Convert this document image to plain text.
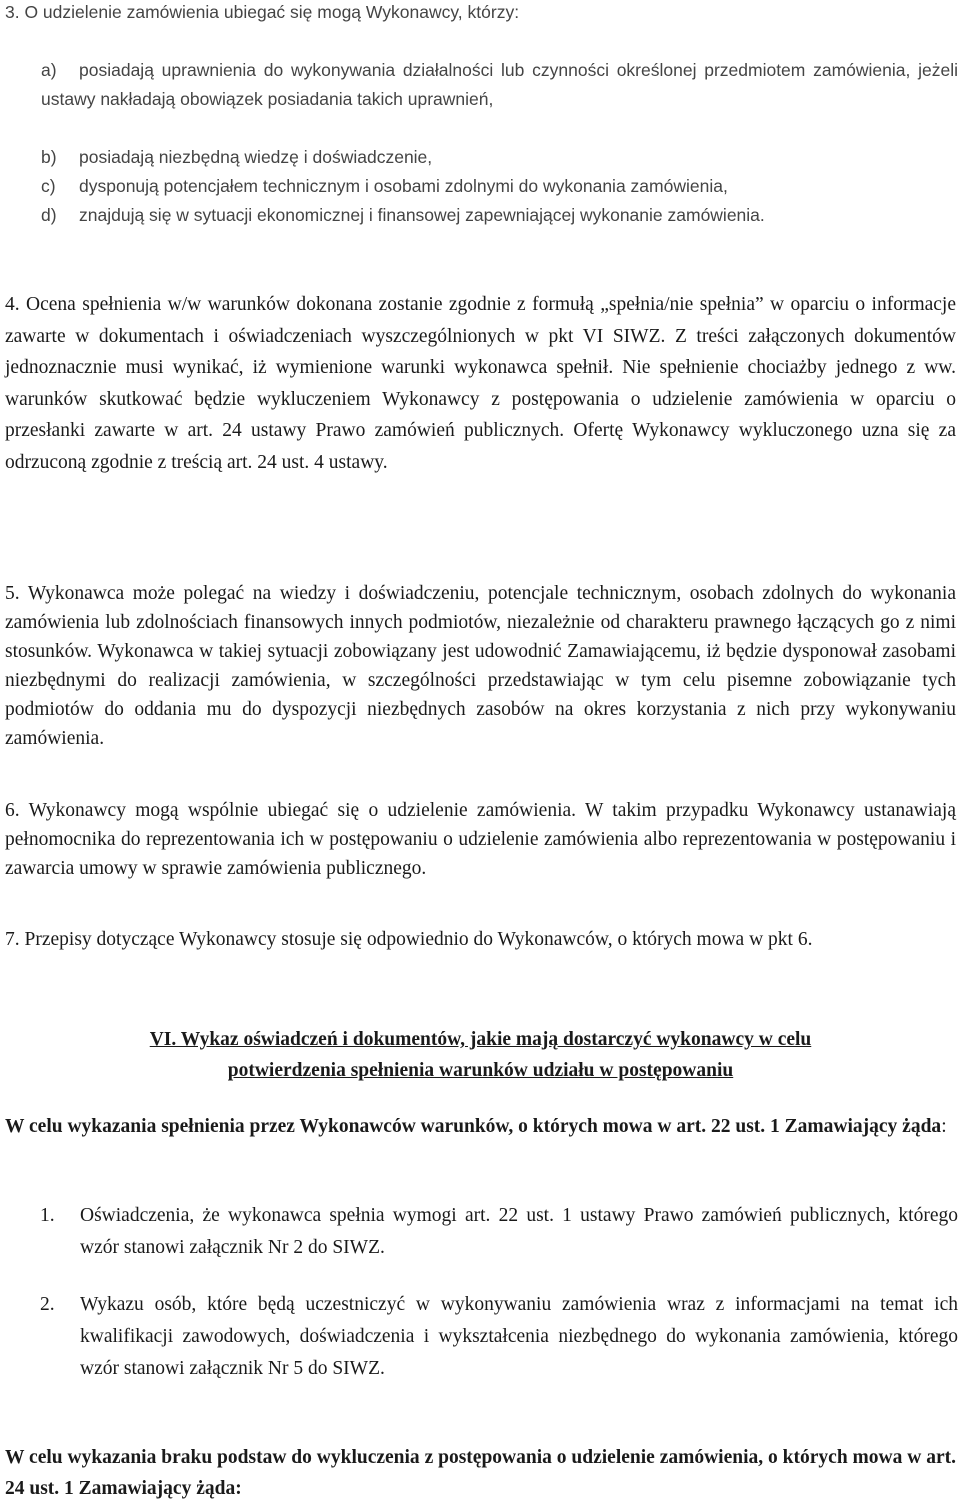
3. O udzielenie zamówienia ubiegać się mogą Wykonawcy, którzy:
a) posiadają uprawnienia do wykonywania działalności lub czynności określonej przedmiotem zamówienia, jeżeli ustawy nakładają obowiązek posiadania takich uprawnień,
b) posiadają niezbędną wiedzę i doświadczenie,
c) dysponują potencjałem technicznym i osobami zdolnymi do wykonania zamówienia,
d) znajdują się w sytuacji ekonomicznej i finansowej zapewniającej wykonanie zamówienia.
4. Ocena spełnienia w/w warunków dokonana zostanie zgodnie z formułą „spełnia/nie spełnia” w oparciu o informacje zawarte w dokumentach i oświadczeniach wyszczególnionych w pkt VI SIWZ. Z treści załączonych dokumentów jednoznacznie musi wynikać, iż wymienione warunki wykonawca spełnił. Nie spełnienie chociażby jednego z ww. warunków skutkować będzie wykluczeniem Wykonawcy z postępowania o udzielenie zamówienia w oparciu o przesłanki zawarte w art. 24 ustawy Prawo zamówień publicznych. Ofertę Wykonawcy wykluczonego uzna się za odrzuconą zgodnie z treścią art. 24 ust. 4 ustawy.
5. Wykonawca może polegać na wiedzy i doświadczeniu, potencjale technicznym, osobach zdolnych do wykonania zamówienia lub zdolnościach finansowych innych podmiotów, niezależnie od charakteru prawnego łączących go z nimi stosunków. Wykonawca w takiej sytuacji zobowiązany jest udowodnić Zamawiającemu, iż będzie dysponował zasobami niezbędnymi do realizacji zamówienia, w szczególności przedstawiając w tym celu pisemne zobowiązanie tych podmiotów do oddania mu do dyspozycji niezbędnych zasobów na okres korzystania z nich przy wykonywaniu zamówienia.
6. Wykonawcy mogą wspólnie ubiegać się o udzielenie zamówienia. W takim przypadku Wykonawcy ustanawiają pełnomocnika do reprezentowania ich w postępowaniu o udzielenie zamówienia albo reprezentowania w postępowaniu i zawarcia umowy w sprawie zamówienia publicznego.
7. Przepisy dotyczące Wykonawcy stosuje się odpowiednio do Wykonawców, o których mowa w pkt 6.
VI. Wykaz oświadczeń i dokumentów, jakie mają dostarczyć wykonawcy w celu
potwierdzenia spełnienia warunków udziału w postępowaniu
W celu wykazania spełnienia przez Wykonawców warunków, o których mowa w art. 22 ust. 1 Zamawiający żąda:
1. Oświadczenia, że wykonawca spełnia wymogi art. 22 ust. 1 ustawy Prawo zamówień publicznych, którego wzór stanowi załącznik Nr 2 do SIWZ.
2. Wykazu osób, które będą uczestniczyć w wykonywaniu zamówienia wraz z informacjami na temat ich kwalifikacji zawodowych, doświadczenia i wykształcenia niezbędnego do wykonania zamówienia, którego wzór stanowi załącznik Nr 5 do SIWZ.
W celu wykazania braku podstaw do wykluczenia z postępowania o udzielenie zamówienia, o których mowa w art. 24 ust. 1 Zamawiający żąda:
